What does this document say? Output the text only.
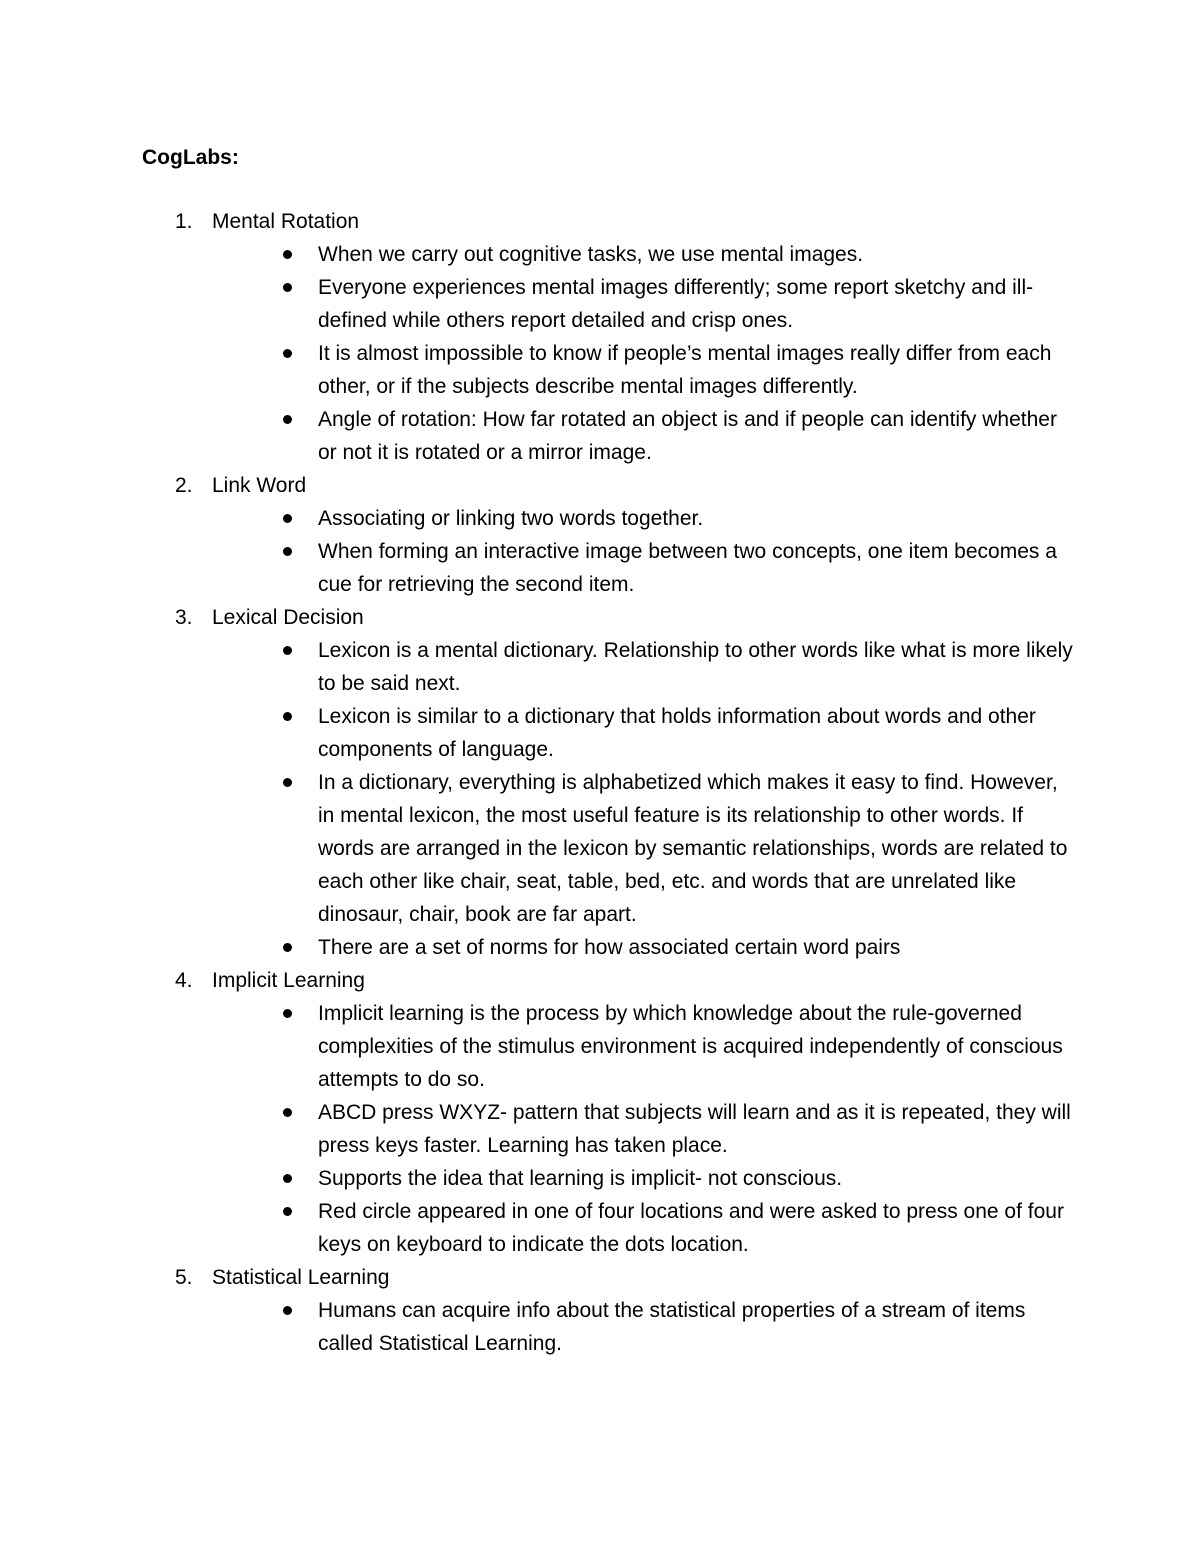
CogLabs:
1. Mental Rotation
When we carry out cognitive tasks, we use mental images.
Everyone experiences mental images differently; some report sketchy and ill-defined while others report detailed and crisp ones.
It is almost impossible to know if people’s mental images really differ from each other, or if the subjects describe mental images differently.
Angle of rotation: How far rotated an object is and if people can identify whether or not it is rotated or a mirror image.
2. Link Word
Associating or linking two words together.
When forming an interactive image between two concepts, one item becomes a cue for retrieving the second item.
3. Lexical Decision
Lexicon is a mental dictionary. Relationship to other words like what is more likely to be said next.
Lexicon is similar to a dictionary that holds information about words and other components of language.
In a dictionary, everything is alphabetized which makes it easy to find. However, in mental lexicon, the most useful feature is its relationship to other words. If words are arranged in the lexicon by semantic relationships, words are related to each other like chair, seat, table, bed, etc. and words that are unrelated like dinosaur, chair, book are far apart.
There are a set of norms for how associated certain word pairs
4. Implicit Learning
Implicit learning is the process by which knowledge about the rule-governed complexities of the stimulus environment is acquired independently of conscious attempts to do so.
ABCD press WXYZ- pattern that subjects will learn and as it is repeated, they will press keys faster. Learning has taken place.
Supports the idea that learning is implicit- not conscious.
Red circle appeared in one of four locations and were asked to press one of four keys on keyboard to indicate the dots location.
5. Statistical Learning
Humans can acquire info about the statistical properties of a stream of items called Statistical Learning.
